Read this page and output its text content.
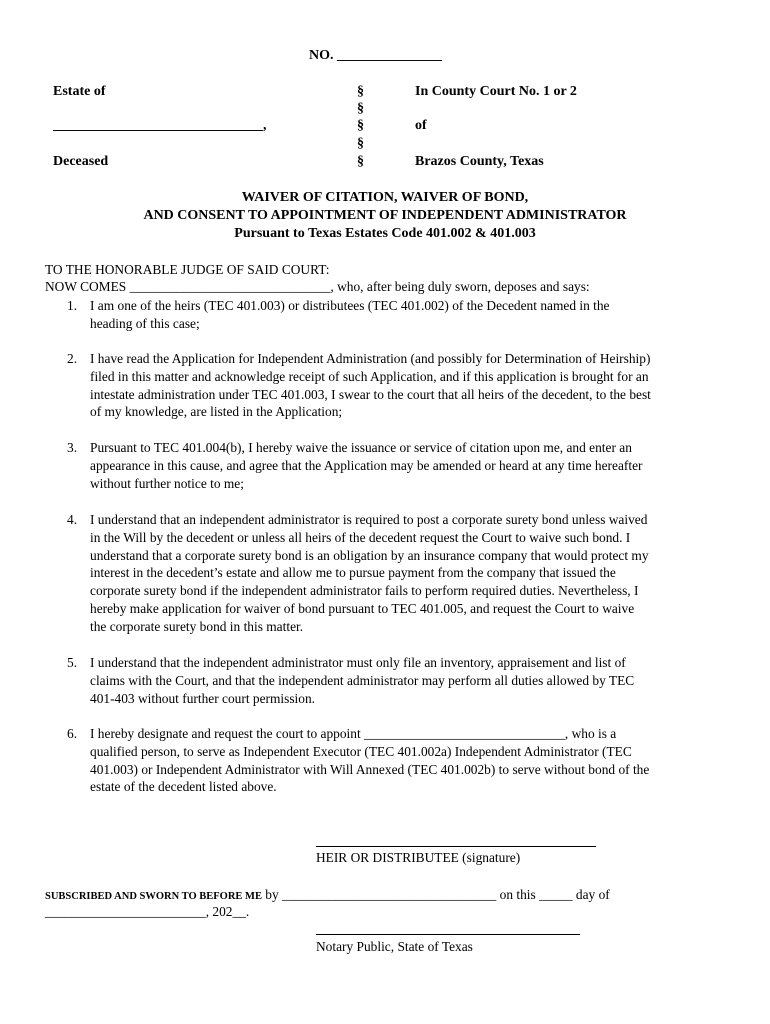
NO. _______________
Estate of
______________________________,
Deceased
§
§
§
§
§
In County Court No. 1 or 2
of
Brazos County, Texas
WAIVER OF CITATION, WAIVER OF BOND,
AND CONSENT TO APPOINTMENT OF INDEPENDENT ADMINISTRATOR
Pursuant to Texas Estates Code 401.002 & 401.003
TO THE HONORABLE JUDGE OF SAID COURT:
NOW COMES ______________________________, who, after being duly sworn, deposes and says:
1. I am one of the heirs (TEC 401.003) or distributees (TEC 401.002) of the Decedent named in the
heading of this case;
2. I have read the Application for Independent Administration (and possibly for Determination of Heirship)
filed in this matter and acknowledge receipt of such Application, and if this application is brought for an
intestate administration under TEC 401.003, I swear to the court that all heirs of the decedent, to the best
of my knowledge, are listed in the Application;
3. Pursuant to TEC 401.004(b), I hereby waive the issuance or service of citation upon me, and enter an
appearance in this cause, and agree that the Application may be amended or heard at any time hereafter
without further notice to me;
4. I understand that an independent administrator is required to post a corporate surety bond unless waived
in the Will by the decedent or unless all heirs of the decedent request the Court to waive such bond. I
understand that a corporate surety bond is an obligation by an insurance company that would protect my
interest in the decedent’s estate and allow me to pursue payment from the company that issued the
corporate surety bond if the independent administrator fails to perform required duties. Nevertheless, I
hereby make application for waiver of bond pursuant to TEC 401.005, and request the Court to waive
the corporate surety bond in this matter.
5. I understand that the independent administrator must only file an inventory, appraisement and list of
claims with the Court, and that the independent administrator may perform all duties allowed by TEC
401-403 without further court permission.
6. I hereby designate and request the court to appoint ______________________________, who is a
qualified person, to serve as Independent Executor (TEC 401.002a) Independent Administrator (TEC
401.003) or Independent Administrator with Will Annexed (TEC 401.002b) to serve without bond of the
estate of the decedent listed above.
HEIR OR DISTRIBUTEE (signature)
SUBSCRIBED AND SWORN TO BEFORE ME by ________________________________ on this _____ day of
________________________, 202__.
Notary Public, State of Texas
